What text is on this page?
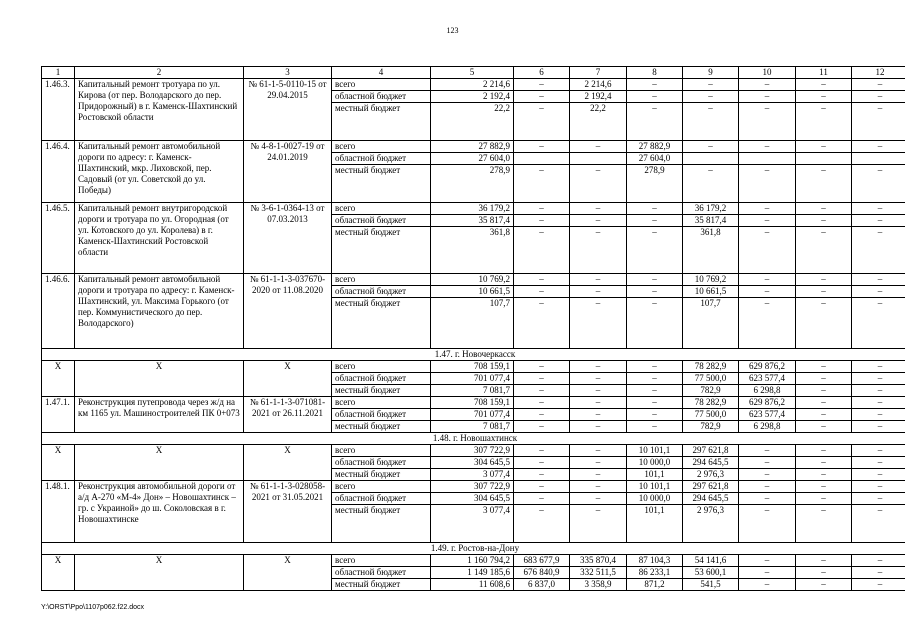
123
1	2	3	4	5	6	7	8	9	10	11	12
1.46.3.	Капитальный ремонт тротуара по ул. Кирова (от пер. Володарского до пер. Придорожный) в г. Каменск-Шахтинский Ростовской области	№ 61-1-5-0110-15 от 29.04.2015	всего	2 214,6	–	2 214,6	–	–	–	–	–
			областной бюджет	2 192,4	–	2 192,4	–	–	–	–	–
			местный бюджет	22,2	–	22,2	–	–	–	–	–
1.46.4.	Капитальный ремонт автомобильной дороги по адресу: г. Каменск-Шахтинский, мкр. Лиховской, пер. Садовый (от ул. Советской до ул. Победы)	№ 4-8-1-0027-19 от 24.01.2019	всего	27 882,9	–	–	27 882,9	–	–	–	–
			областной бюджет	27 604,0			27 604,0				
			местный бюджет	278,9	–	–	278,9	–	–	–	–
1.46.5.	Капитальный ремонт внутригородской дороги и тротуара по ул. Огородная (от ул. Котовского до ул. Королева) в г. Каменск-Шахтинский Ростовской области	№ 3-6-1-0364-13 от 07.03.2013	всего	36 179,2	–	–	–	36 179,2	–	–	–
			областной бюджет	35 817,4	–	–	–	35 817,4	–	–	–
			местный бюджет	361,8	–	–	–	361,8	–	–	–
1.46.6.	Капитальный ремонт автомобильной дороги и тротуара по адресу: г. Каменск-Шахтинский, ул. Максима Горького (от пер. Коммунистического до пер. Володарского)	№ 61-1-1-3-037670-2020 от 11.08.2020	всего	10 769,2	–	–	–	10 769,2	–	–	–
			областной бюджет	10 661,5	–	–	–	10 661,5	–	–	–
			местный бюджет	107,7	–	–	–	107,7	–	–	–
1.47. г. Новочеркасск											
Х	Х	Х	всего	708 159,1	–	–	–	78 282,9	629 876,2	–	–
			областной бюджет	701 077,4	–	–	–	77 500,0	623 577,4	–	–
			местный бюджет	7 081,7	–	–	–	782,9	6 298,8	–	–
1.47.1.	Реконструкция путепровода через ж/д на км 1165 ул. Машиностроителей ПК 0+073	№ 61-1-1-3-071081-2021 от 26.11.2021	всего	708 159,1	–	–	–	78 282,9	629 876,2	–	–
			областной бюджет	701 077,4	–	–	–	77 500,0	623 577,4	–	–
			местный бюджет	7 081,7	–	–	–	782,9	6 298,8	–	–
1.48. г. Новошахтинск											
Х	Х	Х	всего	307 722,9	–	–	10 101,1	297 621,8	–	–	–
			областной бюджет	304 645,5	–	–	10 000,0	294 645,5	–	–	–
			местный бюджет	3 077,4	–	–	101,1	2 976,3	–	–	–
1.48.1.	Реконструкция автомобильной дороги от а/д А-270 «М-4» Дон» – Новошахтинск – гр. с Украиной» до ш. Соколовская в г. Новошахтинске	№ 61-1-1-3-028058-2021 от 31.05.2021	всего	307 722,9	–	–	10 101,1	297 621,8	–	–	–
			областной бюджет	304 645,5	–	–	10 000,0	294 645,5	–	–	–
			местный бюджет	3 077,4	–	–	101,1	2 976,3	–	–	–
1.49. г. Ростов-на-Дону											
Х	Х	Х	всего	1 160 794,2	683 677,9	335 870,4	87 104,3	54 141,6	–	–	–
			областной бюджет	1 149 185,6	676 840,9	332 511,5	86 233,1	53 600,1	–	–	–
			местный бюджет	11 608,6	6 837,0	3 358,9	871,2	541,5	–	–	–
Y:\ORST\Ppo\1107p062.f22.docx
